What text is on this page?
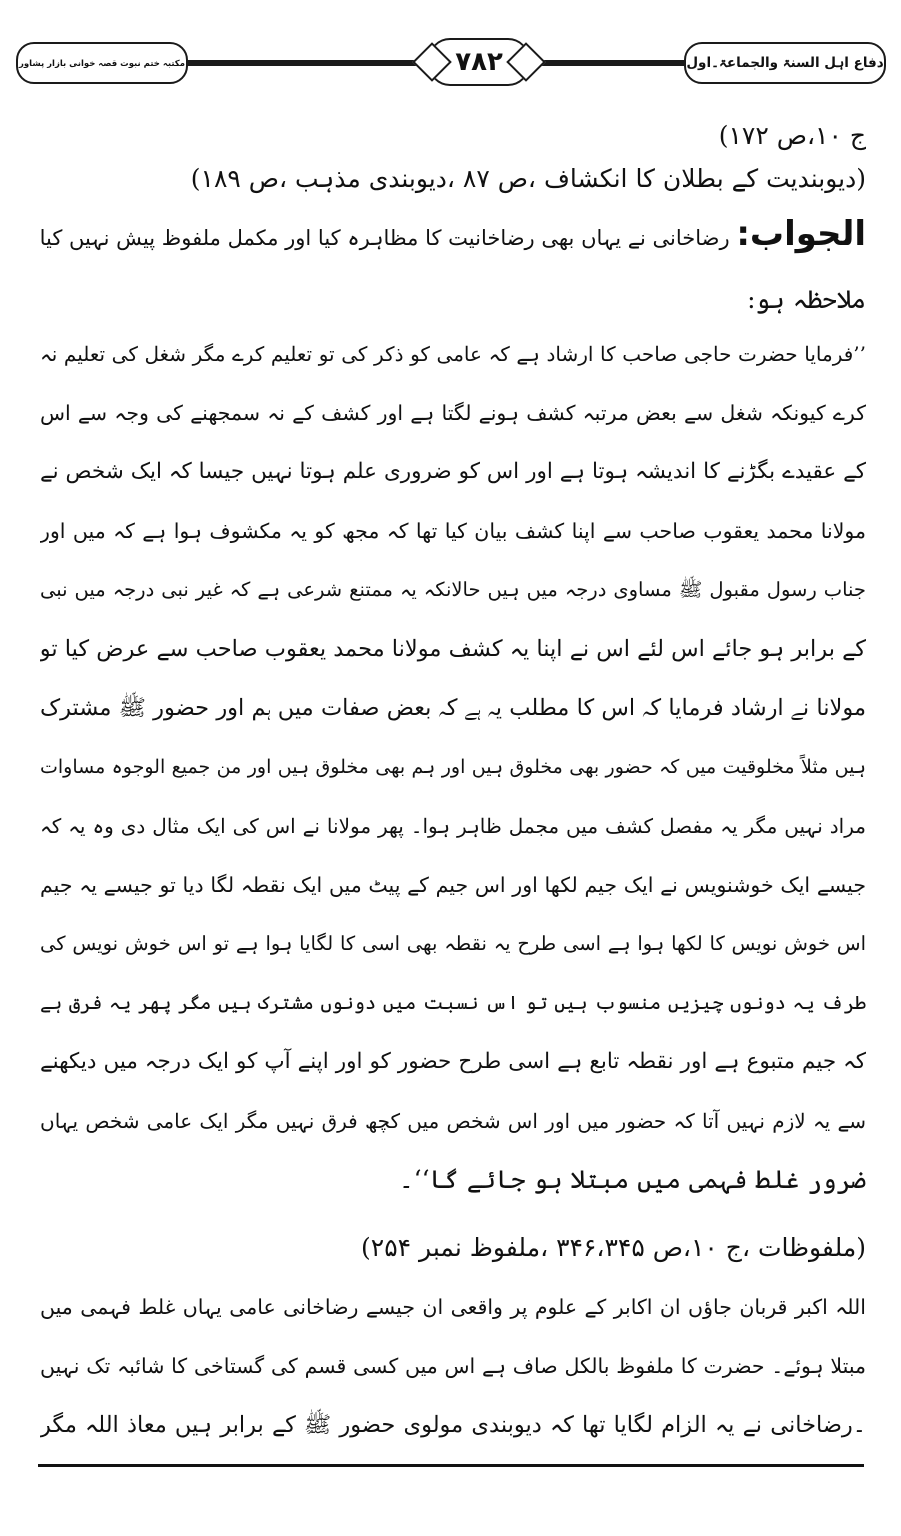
مکتبہ ختم نبوت قصہ خوانی بازار پشاور	۷۸۲	دفاع اہل السنۃ والجماعۃ۔اول
ج ۱۰،ص ۱۷۲)
(دیوبندیت کے بطلان کا انکشاف ،ص ۸۷ ،دیوبندی مذہب ،ص ۱۸۹)
الجواب: رضاخانی نے یہاں بھی رضاخانیت کا مظاہرہ کیا اور مکمل ملفوظ پیش نہیں کیا
ملاحظہ ہو:
’’فرمایا حضرت حاجی صاحب کا ارشاد ہے کہ عامی کو ذکر کی تو تعلیم کرے مگر شغل کی تعلیم نہ
کرے کیونکہ شغل سے بعض مرتبہ کشف ہونے لگتا ہے اور کشف کے نہ سمجھنے کی وجہ سے اس
کے عقیدے بگڑنے کا اندیشہ ہوتا ہے اور اس کو ضروری علم ہوتا نہیں جیسا کہ ایک شخص نے
مولانا محمد یعقوب صاحب سے اپنا کشف بیان کیا تھا کہ مجھ کو یہ مکشوف ہوا ہے کہ میں اور
جناب رسول مقبول ﷺ مساوی درجہ میں ہیں حالانکہ یہ ممتنع شرعی ہے کہ غیر نبی درجہ میں نبی
کے برابر ہو جائے اس لئے اس نے اپنا یہ کشف مولانا محمد یعقوب صاحب سے عرض کیا تو
مولانا نے ارشاد فرمایا کہ اس کا مطلب یہ ہے کہ بعض صفات میں ہم اور حضور ﷺ مشترک
ہیں مثلاً مخلوقیت میں کہ حضور بھی مخلوق ہیں اور ہم بھی مخلوق ہیں اور من جمیع الوجوہ مساوات
مراد نہیں مگر یہ مفصل کشف میں مجمل ظاہر ہوا۔ پھر مولانا نے اس کی ایک مثال دی وہ یہ کہ
جیسے ایک خوشنویس نے ایک جیم لکھا اور اس جیم کے پیٹ میں ایک نقطہ لگا دیا تو جیسے یہ جیم
اس خوش نویس کا لکھا ہوا ہے اسی طرح یہ نقطہ بھی اسی کا لگایا ہوا ہے تو اس خوش نویس کی
طرف یہ دونوں چیزیں منسوب ہیں تو اس نسبت میں دونوں مشترک ہیں مگر پھر یہ فرق ہے
کہ جیم متبوع ہے اور نقطہ تابع ہے اسی طرح حضور کو اور اپنے آپ کو ایک درجہ میں دیکھنے
سے یہ لازم نہیں آتا کہ حضور میں اور اس شخص میں کچھ فرق نہیں مگر ایک عامی شخص یہاں
ضرور غلط فہمی میں مبتلا ہو جائے گا‘‘۔
(ملفوظات ،ج ۱۰،ص ۳۴۶،۳۴۵ ،ملفوظ نمبر ۲۵۴)
اللہ اکبر قربان جاؤں ان اکابر کے علوم پر واقعی ان جیسے رضاخانی عامی یہاں غلط فہمی میں
مبتلا ہوئے۔ حضرت کا ملفوظ بالکل صاف ہے اس میں کسی قسم کی گستاخی کا شائبہ تک نہیں
۔رضاخانی نے یہ الزام لگایا تھا کہ دیوبندی مولوی حضور ﷺ کے برابر ہیں معاذ اللہ مگر
